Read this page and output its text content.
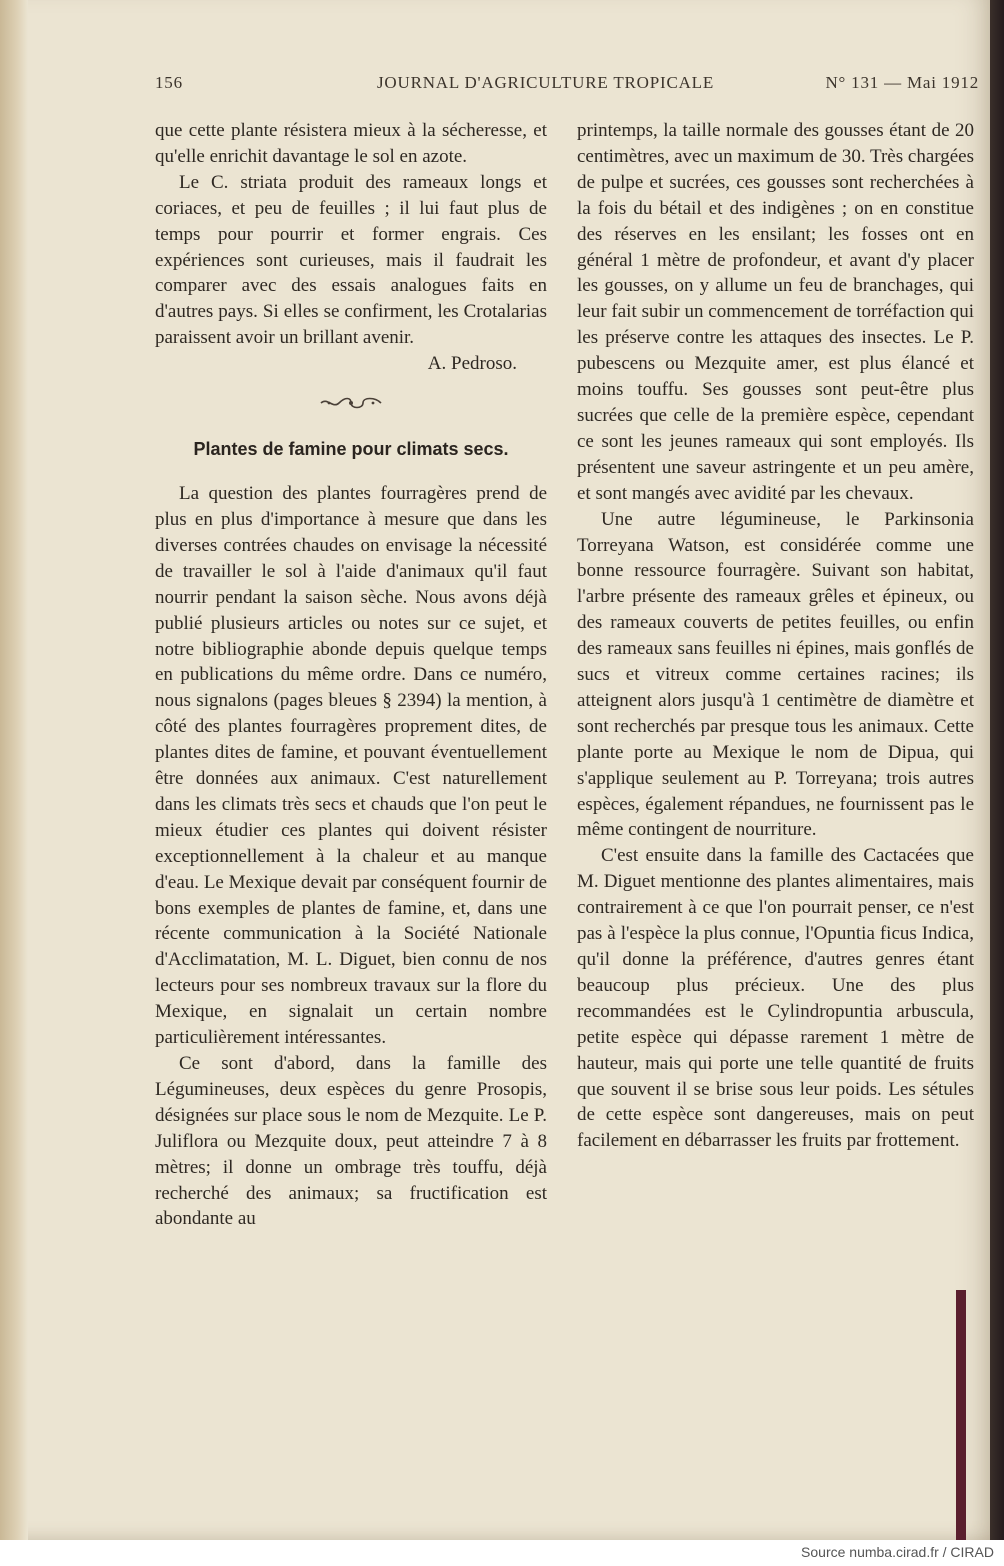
156	JOURNAL D'AGRICULTURE TROPICALE	N° 131 — Mai 1912

que cette plante résistera mieux à la sécheresse, et qu'elle enrichit davantage le sol en azote.

Le C. striata produit des rameaux longs et coriaces, et peu de feuilles ; il lui faut plus de temps pour pourrir et former engrais. Ces expériences sont curieuses, mais il faudrait les comparer avec des essais analogues faits en d'autres pays. Si elles se confirment, les Crotalarias paraissent avoir un brillant avenir.

A. Pedroso.

Plantes de famine pour climats secs.

La question des plantes fourragères prend de plus en plus d'importance à mesure que dans les diverses contrées chaudes on envisage la nécessité de travailler le sol à l'aide d'animaux qu'il faut nourrir pendant la saison sèche. Nous avons déjà publié plusieurs articles ou notes sur ce sujet, et notre bibliographie abonde depuis quelque temps en publications du même ordre. Dans ce numéro, nous signalons (pages bleues § 2394) la mention, à côté des plantes fourragères proprement dites, de plantes dites de famine, et pouvant éventuellement être données aux animaux. C'est naturellement dans les climats très secs et chauds que l'on peut le mieux étudier ces plantes qui doivent résister exceptionnellement à la chaleur et au manque d'eau. Le Mexique devait par conséquent fournir de bons exemples de plantes de famine, et, dans une récente communication à la Société Nationale d'Acclimatation, M. L. Diguet, bien connu de nos lecteurs pour ses nombreux travaux sur la flore du Mexique, en signalait un certain nombre particulièrement intéressantes.

Ce sont d'abord, dans la famille des Légumineuses, deux espèces du genre Prosopis, désignées sur place sous le nom de Mezquite. Le P. Juliflora ou Mezquite doux, peut atteindre 7 à 8 mètres; il donne un ombrage très touffu, déjà recherché des animaux; sa fructification est abondante au

printemps, la taille normale des gousses étant de 20 centimètres, avec un maximum de 30. Très chargées de pulpe et sucrées, ces gousses sont recherchées à la fois du bétail et des indigènes ; on en constitue des réserves en les ensilant; les fosses ont en général 1 mètre de profondeur, et avant d'y placer les gousses, on y allume un feu de branchages, qui leur fait subir un commencement de torréfaction qui les préserve contre les attaques des insectes. Le P. pubescens ou Mezquite amer, est plus élancé et moins touffu. Ses gousses sont peut-être plus sucrées que celle de la première espèce, cependant ce sont les jeunes rameaux qui sont employés. Ils présentent une saveur astringente et un peu amère, et sont mangés avec avidité par les chevaux.

Une autre légumineuse, le Parkinsonia Torreyana Watson, est considérée comme une bonne ressource fourragère. Suivant son habitat, l'arbre présente des rameaux grêles et épineux, ou des rameaux couverts de petites feuilles, ou enfin des rameaux sans feuilles ni épines, mais gonflés de sucs et vitreux comme certaines racines; ils atteignent alors jusqu'à 1 centimètre de diamètre et sont recherchés par presque tous les animaux. Cette plante porte au Mexique le nom de Dipua, qui s'applique seulement au P. Torreyana; trois autres espèces, également répandues, ne fournissent pas le même contingent de nourriture.

C'est ensuite dans la famille des Cactacées que M. Diguet mentionne des plantes alimentaires, mais contrairement à ce que l'on pourrait penser, ce n'est pas à l'espèce la plus connue, l'Opuntia ficus Indica, qu'il donne la préférence, d'autres genres étant beaucoup plus précieux. Une des plus recommandées est le Cylindropuntia arbuscula, petite espèce qui dépasse rarement 1 mètre de hauteur, mais qui porte une telle quantité de fruits que souvent il se brise sous leur poids. Les sétules de cette espèce sont dangereuses, mais on peut facilement en débarrasser les fruits par frottement.

Source numba.cirad.fr / CIRAD
